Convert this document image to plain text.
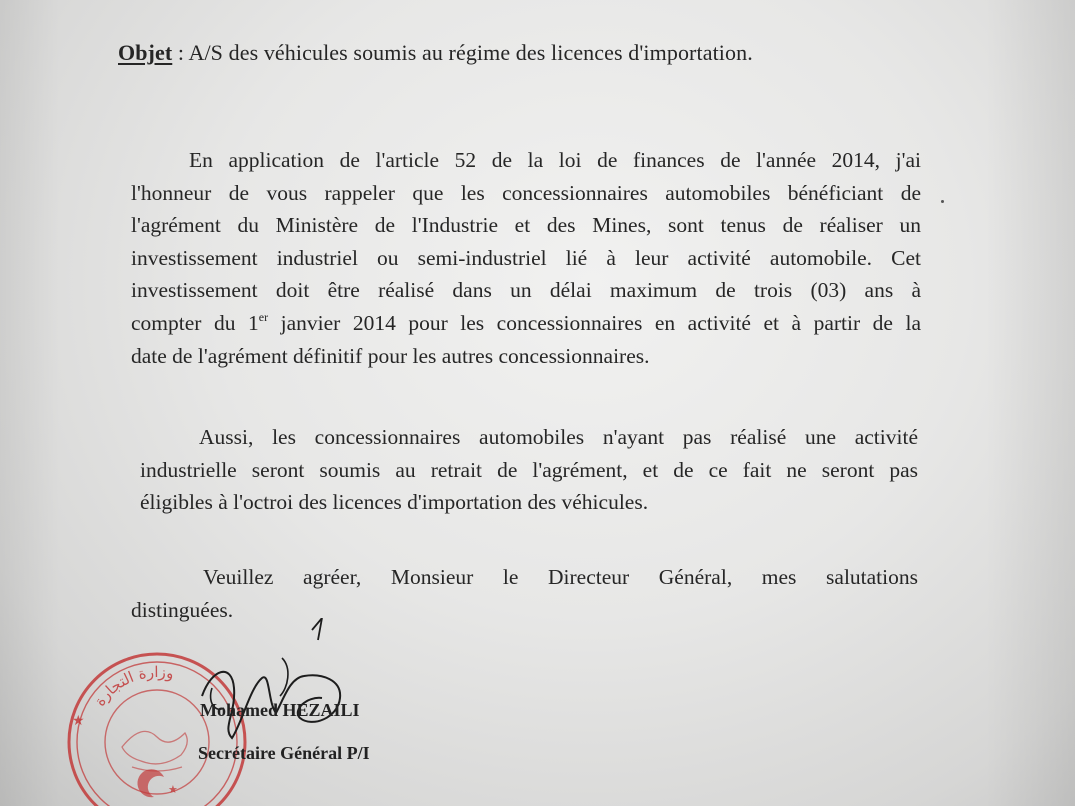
Objet : A/S des véhicules soumis au régime des licences d'importation.
En application de l'article 52 de la loi de finances de l'année 2014, j'ai
l'honneur de vous rappeler que les concessionnaires automobiles bénéficiant de
l'agrément du Ministère de l'Industrie et des Mines, sont tenus de réaliser un
investissement industriel ou semi-industriel lié à leur activité automobile. Cet
investissement doit être réalisé dans un délai maximum de trois (03) ans à
compter du 1er janvier 2014 pour les concessionnaires en activité et à partir de la
date de l'agrément définitif pour les autres concessionnaires.
Aussi, les concessionnaires automobiles n'ayant pas réalisé une activité
industrielle seront soumis au retrait de l'agrément, et de ce fait ne seront pas
éligibles à l'octroi des licences d'importation des véhicules.
Veuillez agréer, Monsieur le Directeur Général, mes salutations
distinguées.
وزارة التجارة
★
★
Mohamed HEZAILI
Secrétaire Général P/I
